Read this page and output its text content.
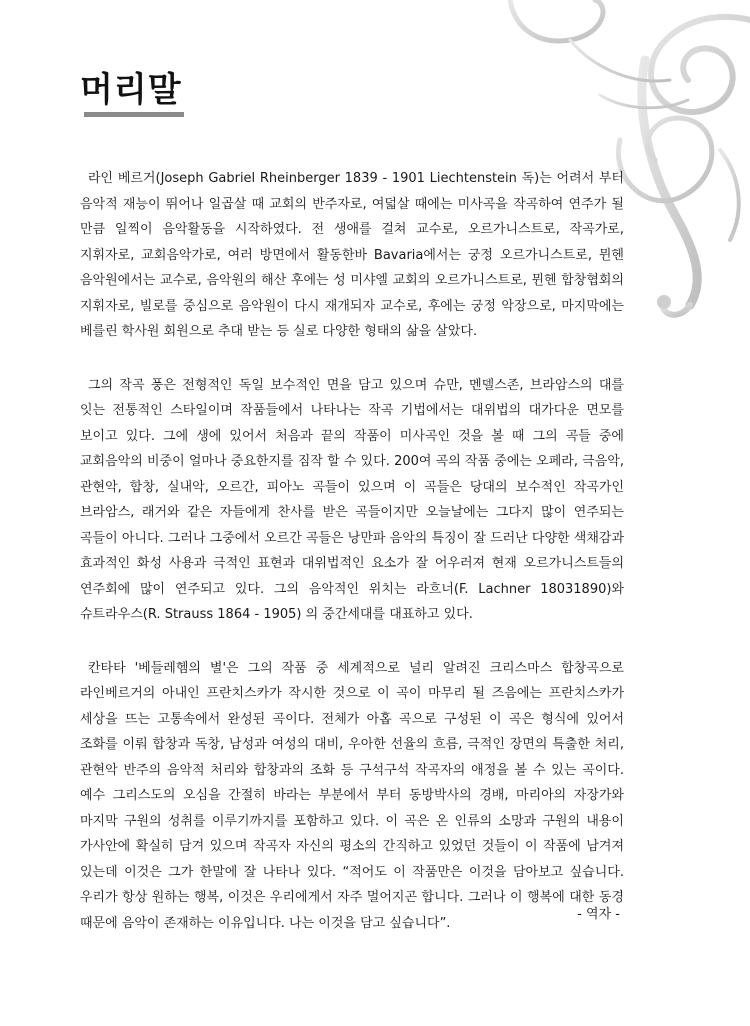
머리말

라인 베르거(Joseph Gabriel Rheinberger 1839 - 1901 Liechtenstein 독)는 어려서 부터 음악적 재능이 뛰어나 일곱살 때 교회의 반주자로, 여덟살 때에는 미사곡을 작곡하여 연주가 될 만큼 일찍이 음악활동을 시작하였다. 전 생애를 걸쳐 교수로, 오르가니스트로, 작곡가로, 지휘자로, 교회음악가로, 여러 방면에서 활동한바 Bavaria에서는 궁정 오르가니스트로, 뮌헨 음악원에서는 교수로, 음악원의 해산 후에는 성 미샤엘 교회의 오르가니스트로, 뮌헨 합창협회의 지휘자로, 빌로를 중심으로 음악원이 다시 재개되자 교수로, 후에는 궁정 악장으로, 마지막에는 베를린 학사원 회원으로 추대 받는 등 실로 다양한 형태의 삶을 살았다.

그의 작곡 풍은 전형적인 독일 보수적인 면을 담고 있으며 슈만, 멘델스존, 브라암스의 대를 잇는 전통적인 스타일이며 작품들에서 나타나는 작곡 기법에서는 대위법의 대가다운 면모를 보이고 있다. 그에 생에 있어서 처음과 끝의 작품이 미사곡인 것을 볼 때 그의 곡들 중에 교회음악의 비중이 얼마나 중요한지를 짐작 할 수 있다. 200여 곡의 작품 중에는 오페라, 극음악, 관현악, 합창, 실내악, 오르간, 피아노 곡들이 있으며 이 곡들은 당대의 보수적인 작곡가인 브라암스, 래거와 같은 자들에게 찬사를 받은 곡들이지만 오늘날에는 그다지 많이 연주되는 곡들이 아니다. 그러나 그중에서 오르간 곡들은 낭만파 음악의 특징이 잘 드러난 다양한 색채감과 효과적인 화성 사용과 극적인 표현과 대위법적인 요소가 잘 어우러져 현재 오르가니스트들의 연주회에 많이 연주되고 있다. 그의 음악적인 위치는 라흐너(F. Lachner 18031890)와 슈트라우스(R. Strauss 1864 - 1905) 의 중간세대를 대표하고 있다.

칸타타 '베들레헴의 별'은 그의 작품 중 세계적으로 널리 알려진 크리스마스 합창곡으로 라인베르거의 아내인 프란치스카가 작시한 것으로 이 곡이 마무리 될 즈음에는 프란치스카가 세상을 뜨는 고통속에서 완성된 곡이다. 전체가 아홉 곡으로 구성된 이 곡은 형식에 있어서 조화를 이뤄 합창과 독창, 남성과 여성의 대비, 우아한 선율의 흐름, 극적인 장면의 특출한 처리, 관현악 반주의 음악적 처리와 합창과의 조화 등 구석구석 작곡자의 애정을 볼 수 있는 곡이다. 예수 그리스도의 오심을 간절히 바라는 부분에서 부터 동방박사의 경배, 마리아의 자장가와 마지막 구원의 성취를 이루기까지를 포함하고 있다. 이 곡은 온 인류의 소망과 구원의 내용이 가사안에 확실히 담겨 있으며 작곡자 자신의 평소의 간직하고 있었던 것들이 이 작품에 남겨져 있는데 이것은 그가 한말에 잘 나타나 있다. “적어도 이 작품만은 이것을 담아보고 싶습니다. 우리가 항상 원하는 행복, 이것은 우리에게서 자주 멀어지곤 합니다. 그러나 이 행복에 대한 동경 때문에 음악이 존재하는 이유입니다. 나는 이것을 담고 싶습니다”.

- 역자 -
